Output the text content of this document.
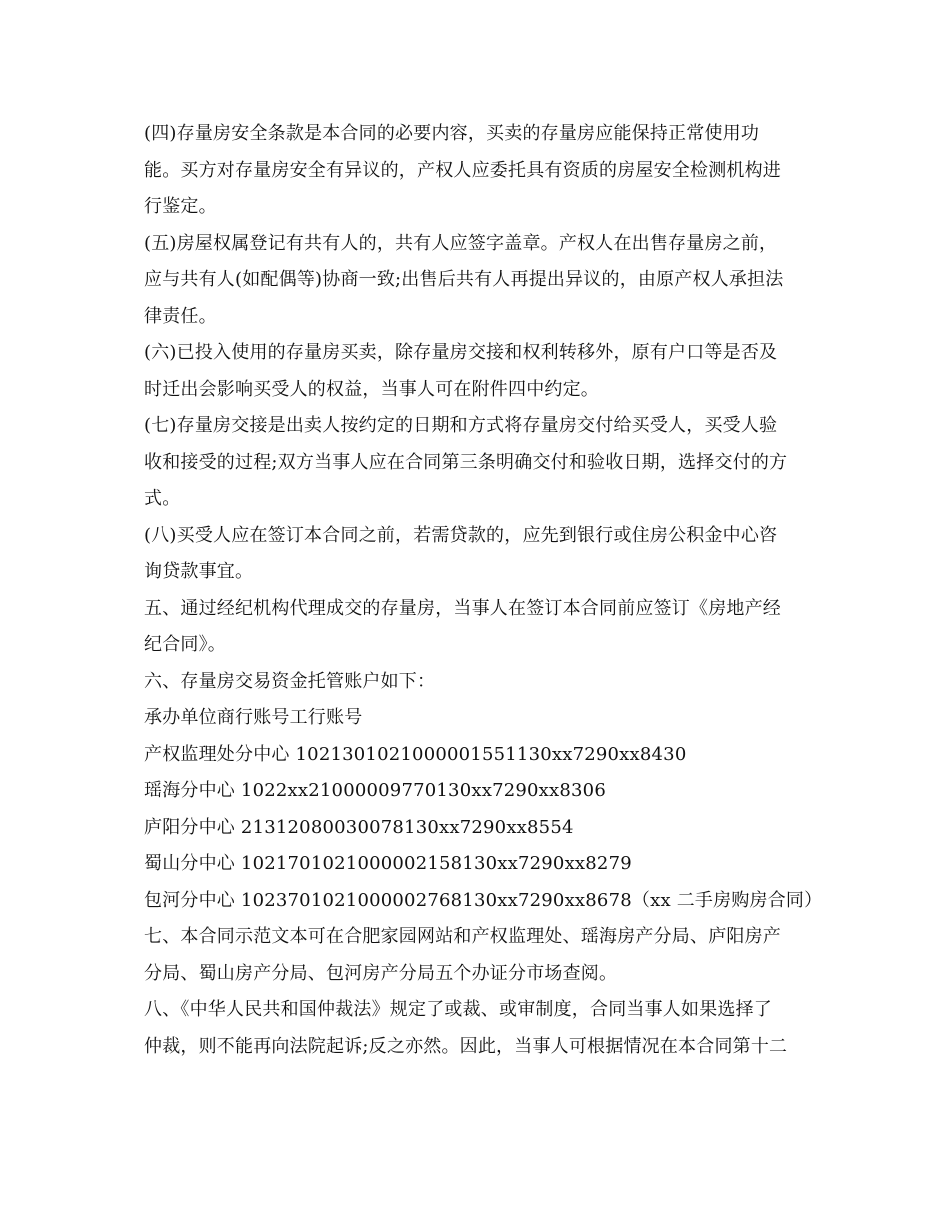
(四)存量房安全条款是本合同的必要内容，买卖的存量房应能保持正常使用功
能。买方对存量房安全有异议的，产权人应委托具有资质的房屋安全检测机构进
行鉴定。
(五)房屋权属登记有共有人的，共有人应签字盖章。产权人在出售存量房之前，
应与共有人(如配偶等)协商一致;出售后共有人再提出异议的，由原产权人承担法
律责任。
(六)已投入使用的存量房买卖，除存量房交接和权利转移外，原有户口等是否及
时迁出会影响买受人的权益，当事人可在附件四中约定。
(七)存量房交接是出卖人按约定的日期和方式将存量房交付给买受人，买受人验
收和接受的过程;双方当事人应在合同第三条明确交付和验收日期，选择交付的方
式。
(八)买受人应在签订本合同之前，若需贷款的，应先到银行或住房公积金中心咨
询贷款事宜。
五、通过经纪机构代理成交的存量房，当事人在签订本合同前应签订《房地产经
纪合同》。
六、存量房交易资金托管账户如下：
承办单位商行账号工行账号
产权监理处分中心 1021301021000001551130xx7290xx8430
瑶海分中心 1022xx21000009770130xx7290xx8306
庐阳分中心 21312080030078130xx7290xx8554
蜀山分中心 1021701021000002158130xx7290xx8279
包河分中心 1023701021000002768130xx7290xx8678（xx 二手房购房合同）
七、本合同示范文本可在合肥家园网站和产权监理处、瑶海房产分局、庐阳房产
分局、蜀山房产分局、包河房产分局五个办证分市场查阅。
八、《中华人民共和国仲裁法》规定了或裁、或审制度，合同当事人如果选择了
仲裁，则不能再向法院起诉;反之亦然。因此，当事人可根据情况在本合同第十二
